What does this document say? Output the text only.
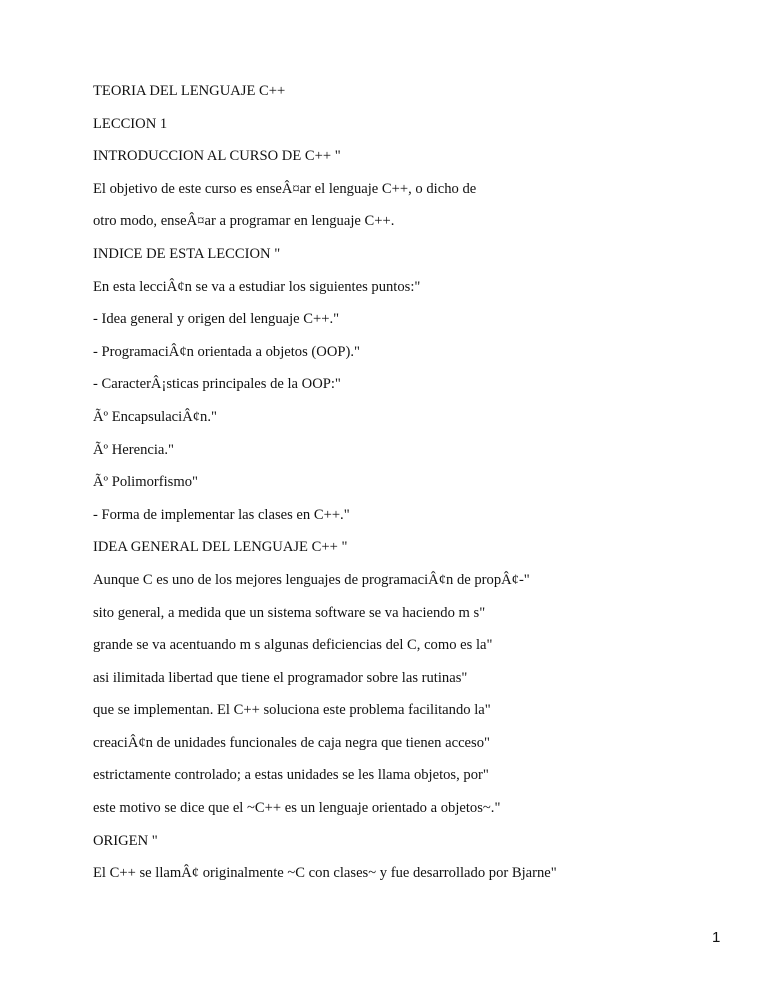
TEORIA DEL LENGUAJE C++
LECCION 1
INTRODUCCION AL CURSO DE C++ "
El objetivo de este curso es enseÂ¤ar el lenguaje C++, o dicho de
otro modo, enseÂ¤ar a programar en lenguaje C++.
INDICE DE ESTA LECCION "
En esta lecciÂ¢n se va a estudiar los siguientes puntos:"
- Idea general y origen del lenguaje C++."
- ProgramaciÂ¢n orientada a objetos (OOP)."
- CaracterÂ¡sticas principales de la OOP:"
Ãº EncapsulaciÂ¢n."
Ãº Herencia."
Ãº Polimorfismo"
- Forma de implementar las clases en C++."
IDEA GENERAL DEL LENGUAJE C++ "
Aunque C es uno de los mejores lenguajes de programaciÂ¢n de propÂ¢-"
sito general, a medida que un sistema software se va haciendo m s"
grande se va acentuando m s algunas deficiencias del C, como es la"
asi ilimitada libertad que tiene el programador sobre las rutinas"
que se implementan. El C++ soluciona este problema facilitando la"
creaciÂ¢n de unidades funcionales de caja negra que tienen acceso"
estrictamente controlado; a estas unidades se les llama objetos, por"
este motivo se dice que el ~C++ es un lenguaje orientado a objetos~."
ORIGEN "
El C++ se llamÂ¢ originalmente ~C con clases~ y fue desarrollado por Bjarne"
1
